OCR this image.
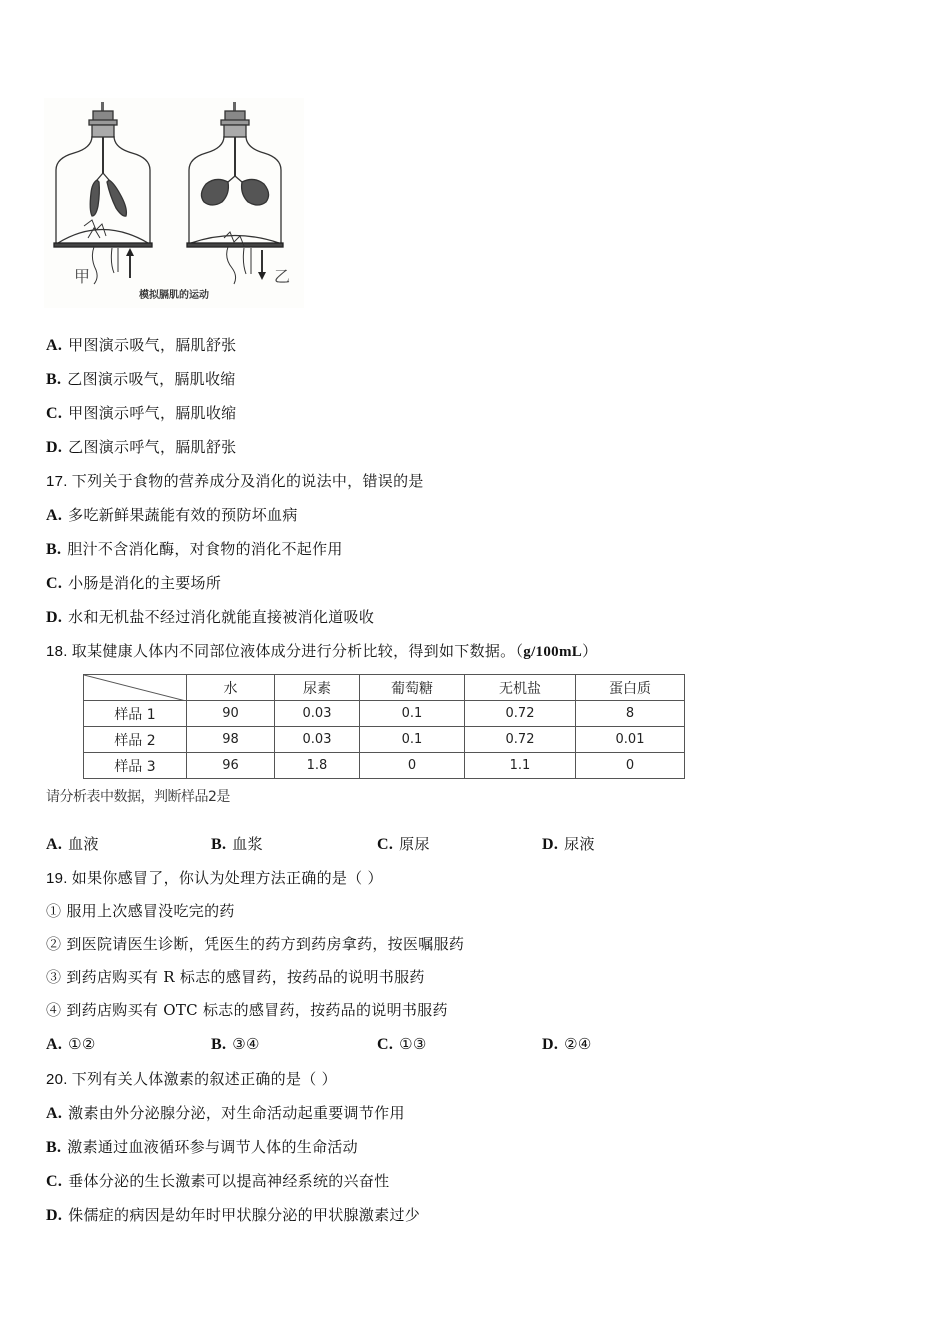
甲	乙
模拟膈肌的运动
A. 甲图演示吸气，膈肌舒张
B. 乙图演示吸气，膈肌收缩
C. 甲图演示呼气，膈肌收缩
D. 乙图演示呼气，膈肌舒张
17. 下列关于食物的营养成分及消化的说法中，错误的是
A. 多吃新鲜果蔬能有效的预防坏血病
B. 胆汁不含消化酶，对食物的消化不起作用
C. 小肠是消化的主要场所
D. 水和无机盐不经过消化就能直接被消化道吸收
18. 取某健康人体内不同部位液体成分进行分析比较，得到如下数据。（g/100mL）
	水	尿素	葡萄糖	无机盐	蛋白质
样品 1	90	0.03	0.1	0.72	8
样品 2	98	0.03	0.1	0.72	0.01
样品 3	96	1.8	0	1.1	0
请分析表中数据，判断样品2是
A. 血液	B. 血浆	C. 原尿	D. 尿液
19. 如果你感冒了，你认为处理方法正确的是（ ）
① 服用上次感冒没吃完的药
② 到医院请医生诊断，凭医生的药方到药房拿药，按医嘱服药
③ 到药店购买有 R 标志的感冒药，按药品的说明书服药
④ 到药店购买有 OTC 标志的感冒药，按药品的说明书服药
A. ①②	B. ③④	C. ①③	D. ②④
20. 下列有关人体激素的叙述正确的是（ ）
A. 激素由外分泌腺分泌，对生命活动起重要调节作用
B. 激素通过血液循环参与调节人体的生命活动
C. 垂体分泌的生长激素可以提高神经系统的兴奋性
D. 侏儒症的病因是幼年时甲状腺分泌的甲状腺激素过少
